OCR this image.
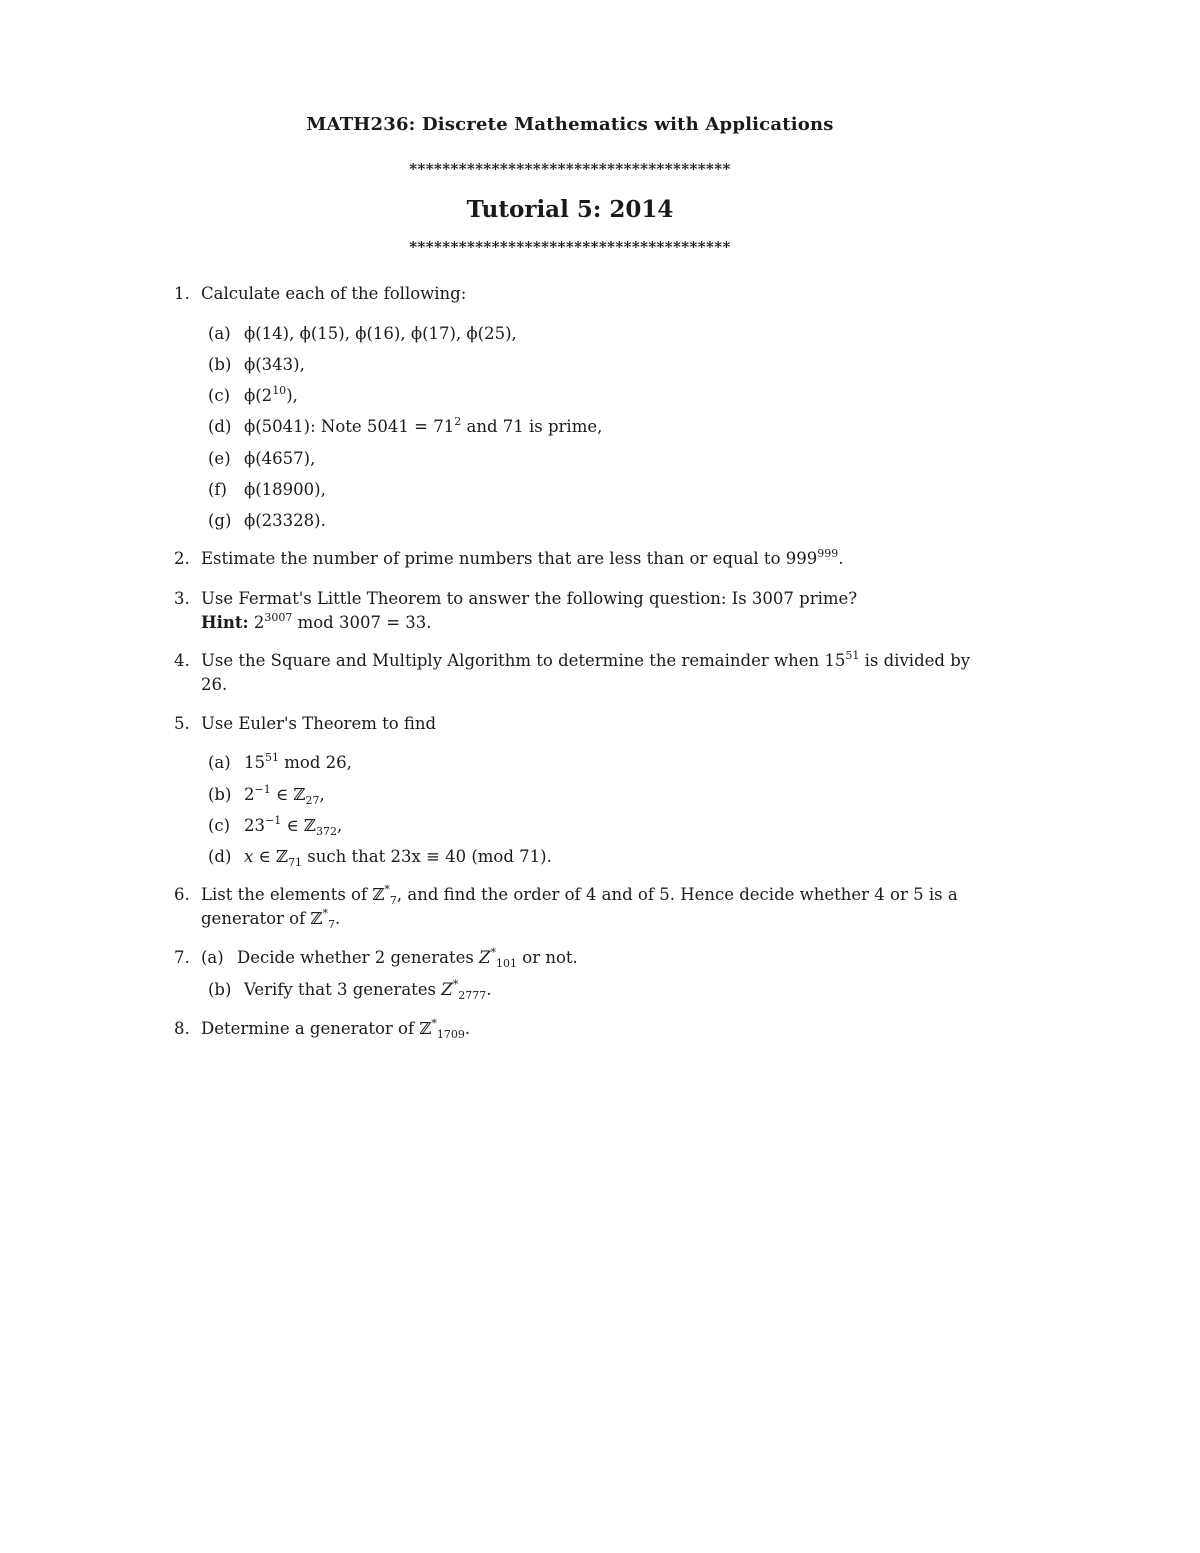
MATH236: Discrete Mathematics with Applications
***************************************
Tutorial 5: 2014
***************************************
1. Calculate each of the following:
(a) ϕ(14), ϕ(15), ϕ(16), ϕ(17), ϕ(25),
(b) ϕ(343),
(c) $\phi(2^{10})$,
(d) ϕ(5041): Note $5041 = 71^2$ and 71 is prime,
(e) ϕ(4657),
(f) ϕ(18900),
(g) ϕ(23328).
2. Estimate the number of prime numbers that are less than or equal to $999^{999}$.
3. Use Fermat's Little Theorem to answer the following question: Is 3007 prime?
Hint: $2^{3007}$ mod 3007 = 33.
4. Use the Square and Multiply Algorithm to determine the remainder when $15^{51}$ is divided by
26.
5. Use Euler's Theorem to find
(a) $15^{51}$ mod 26,
(b) $2^{-1}$ ∈ ℤ$_{27}$,
(c) $23^{-1}$ ∈ ℤ$_{372}$,
(d) x ∈ ℤ$_{71}$ such that 23x ≡ 40 (mod 71).
6. List the elements of ℤ*$_7$, and find the order of 4 and of 5. Hence decide whether 4 or 5 is a
generator of ℤ*$_7$.
7. (a) Decide whether 2 generates $Z^*_{101}$ or not.
(b) Verify that 3 generates $Z^*_{2777}$.
8. Determine a generator of ℤ*$_{1709}$.
